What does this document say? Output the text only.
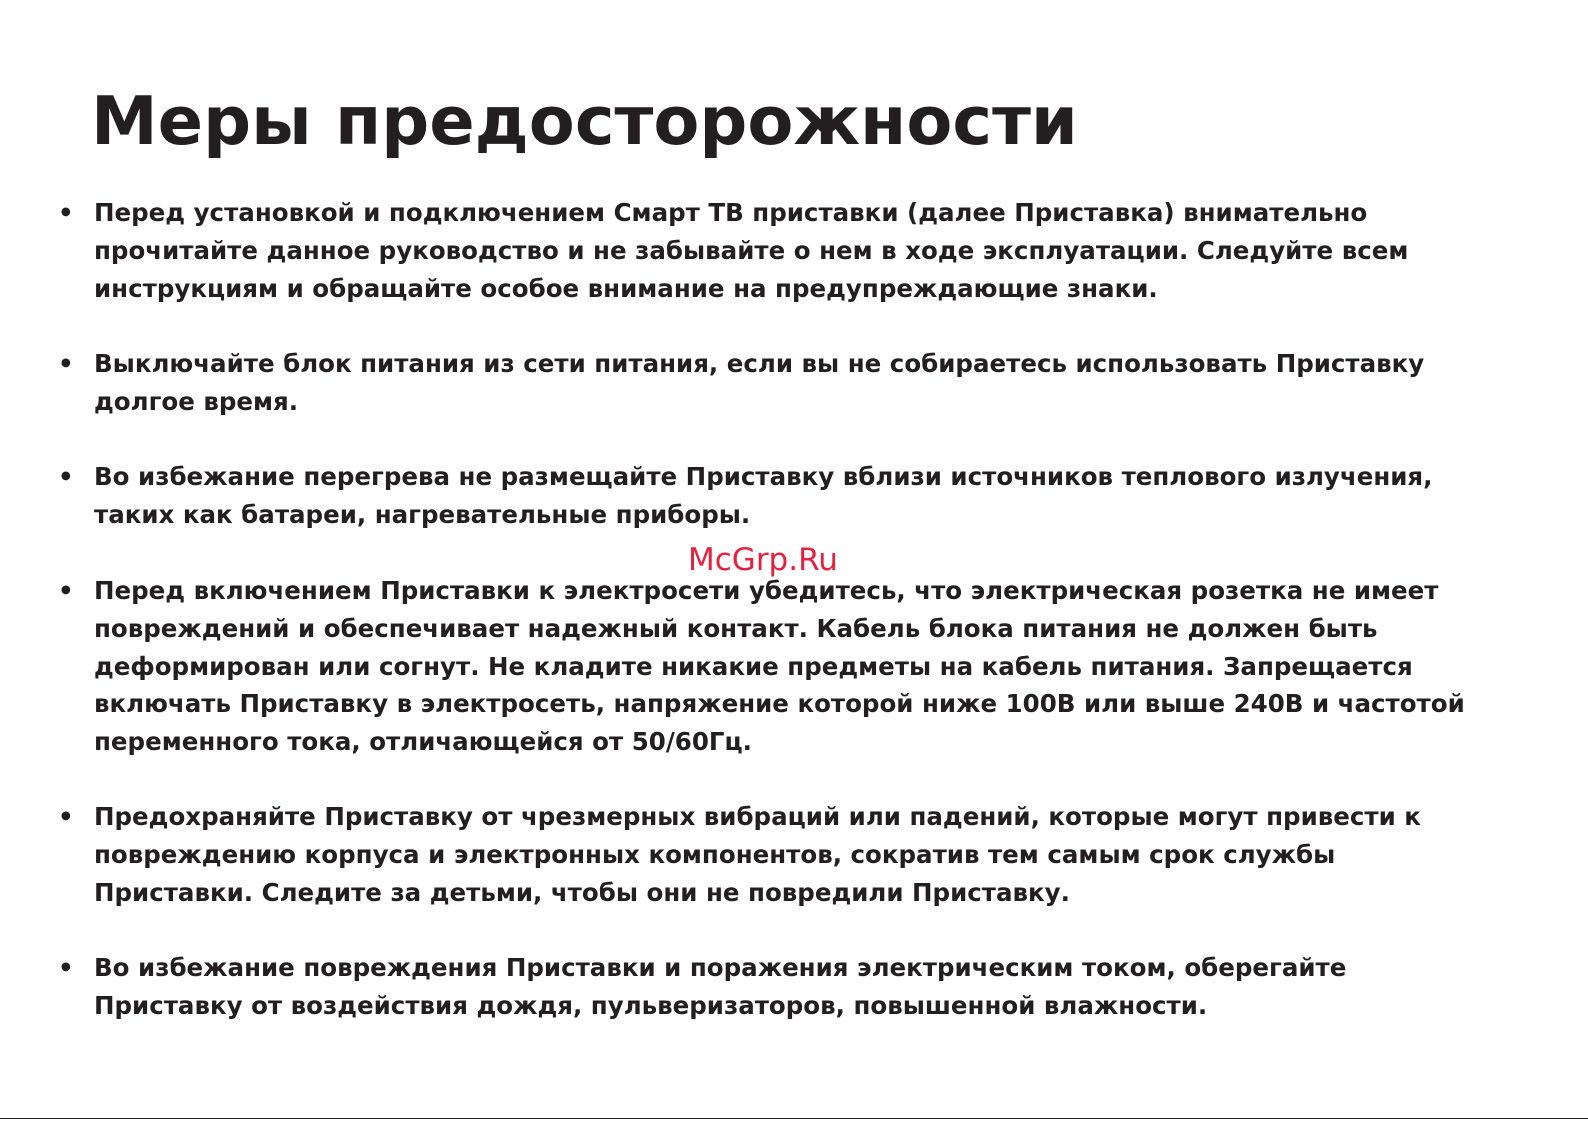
Меры предосторожности
McGrp.Ru
• Перед установкой и подключением Смарт ТВ приставки (далее Приставка) внимательно
прочитайте данное руководство и не забывайте о нем в ходе эксплуатации. Следуйте всем
инструкциям и обращайте особое внимание на предупреждающие знаки.
• Выключайте блок питания из сети питания, если вы не собираетесь использовать Приставку
долгое время.
• Во избежание перегрева не размещайте Приставку вблизи источников теплового излучения,
таких как батареи, нагревательные приборы.
• Перед включением Приставки к электросети убедитесь, что электрическая розетка не имеет
повреждений и обеспечивает надежный контакт. Кабель блока питания не должен быть
деформирован или согнут. Не кладите никакие предметы на кабель питания. Запрещается
включать Приставку в электросеть, напряжение которой ниже 100В или выше 240В и частотой
переменного тока, отличающейся от 50/60Гц.
• Предохраняйте Приставку от чрезмерных вибраций или падений, которые могут привести к
повреждению корпуса и электронных компонентов, сократив тем самым срок службы
Приставки. Следите за детьми, чтобы они не повредили Приставку.
• Во избежание повреждения Приставки и поражения электрическим током, оберегайте
Приставку от воздействия дождя, пульверизаторов, повышенной влажности.
